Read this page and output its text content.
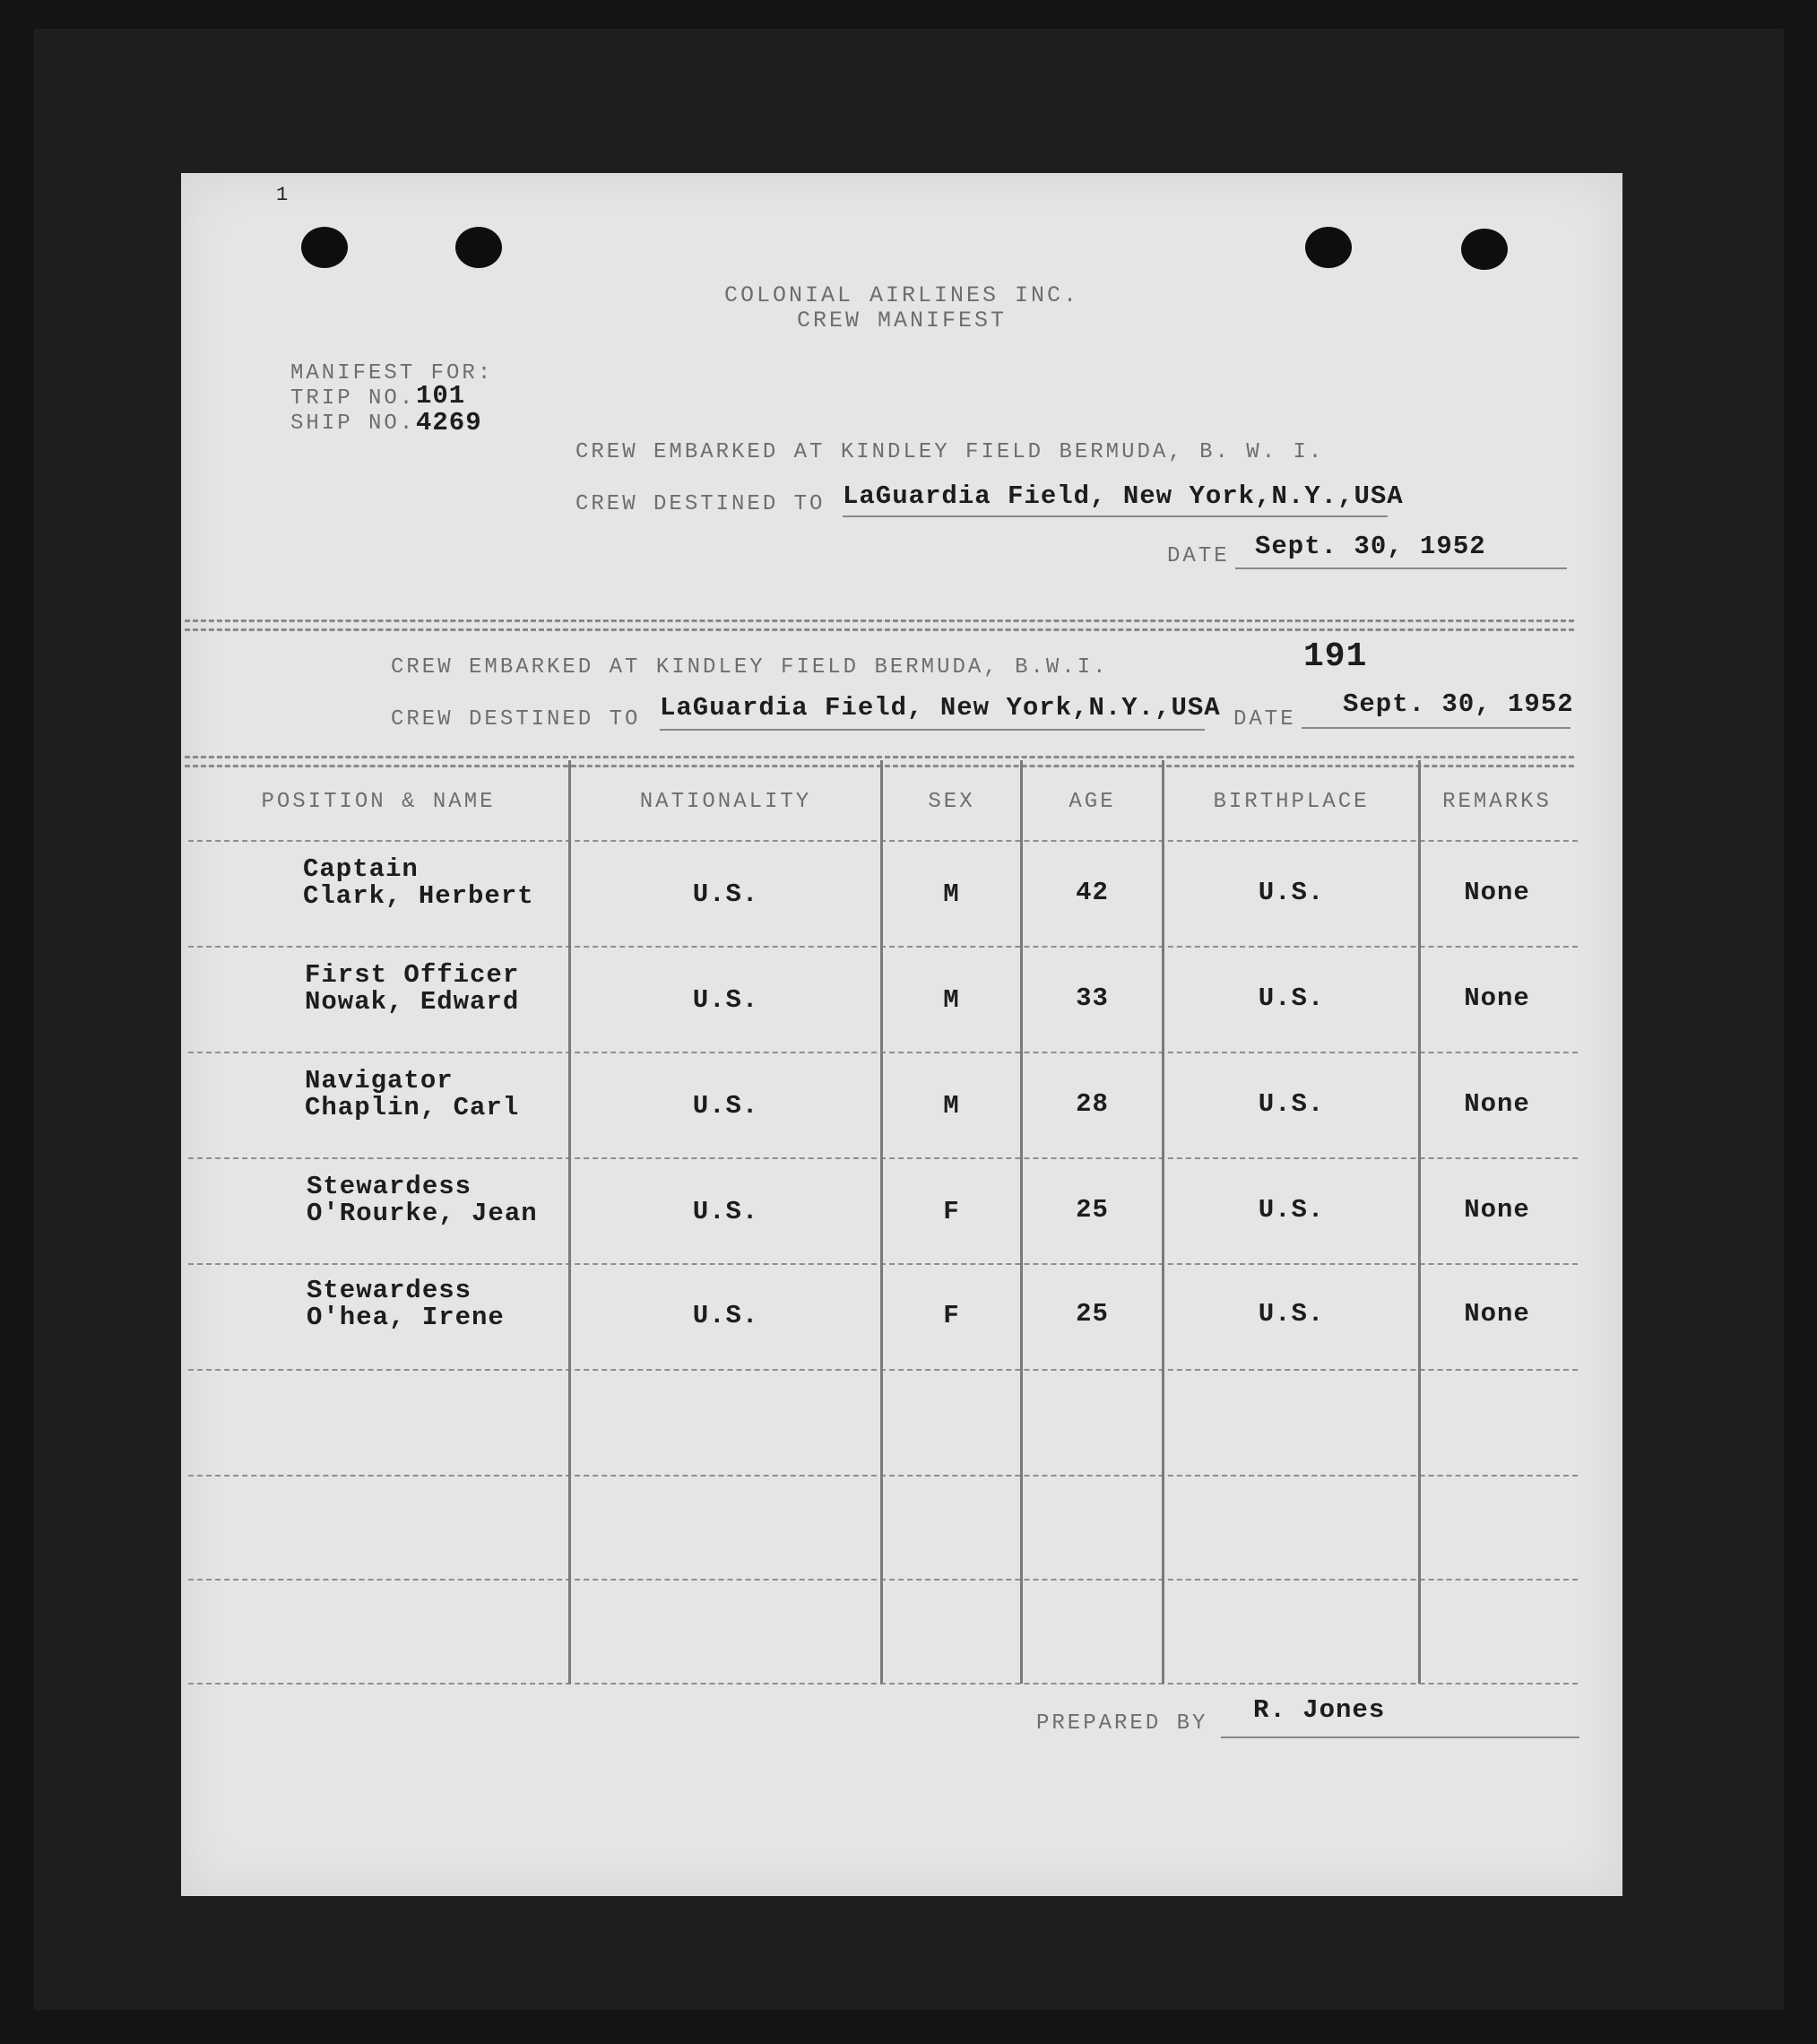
1
COLONIAL AIRLINES INC.
CREW MANIFEST
MANIFEST FOR:
TRIP NO. 101
SHIP NO. 4269
CREW EMBARKED AT KINDLEY FIELD BERMUDA, B. W. I.
CREW DESTINED TO LaGuardia Field, New York,N.Y.,USA
DATE Sept. 30, 1952
CREW EMBARKED AT KINDLEY FIELD BERMUDA, B.W.I.	191
CREW DESTINED TO LaGuardia Field, New York,N.Y.,USA DATE
Sept. 30, 1952
POSITION & NAME	NATIONALITY	SEX	AGE	BIRTHPLACE	REMARKS
Captain
Clark, Herbert	U.S.	M	42	U.S.	None
First Officer
Nowak, Edward	U.S.	M	33	U.S.	None
Navigator
Chaplin, Carl	U.S.	M	28	U.S.	None
Stewardess
O'Rourke, Jean	U.S.	F	25	U.S.	None
Stewardess
O'hea, Irene	U.S.	F	25	U.S.	None
PREPARED BY R. Jones
